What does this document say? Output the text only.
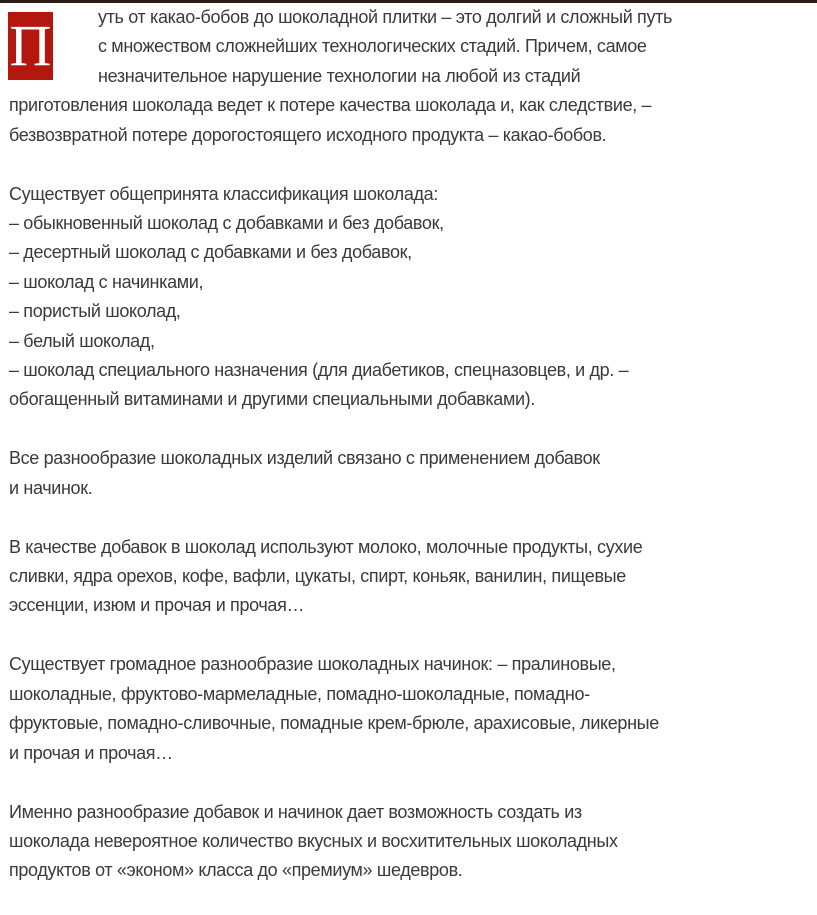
П	уть от какао-бобов до шоколадной плитки – это долгий и сложный путь
с множеством сложнейших технологических стадий. Причем, самое
незначительное нарушение технологии на любой из стадий
приготовления шоколада ведет к потере качества шоколада и, как следствие, –
безвозвратной потере дорогостоящего исходного продукта – какао-бобов.
Существует общепринята классификация шоколада:
– обыкновенный шоколад с добавками и без добавок,
– десертный шоколад с добавками и без добавок,
– шоколад с начинками,
– пористый шоколад,
– белый шоколад,
– шоколад специального назначения (для диабетиков, спецназовцев, и др. –
обогащенный витаминами и другими специальными добавками).
Все разнообразие шоколадных изделий связано с применением добавок
и начинок.
В качестве добавок в шоколад используют молоко, молочные продукты, сухие
сливки, ядра орехов, кофе, вафли, цукаты, спирт, коньяк, ванилин, пищевые
эссенции, изюм и прочая и прочая…
Существует громадное разнообразие шоколадных начинок: – пралиновые,
шоколадные, фруктово-мармеладные, помадно-шоколадные, помадно-
фруктовые, помадно-сливочные, помадные крем-брюле, арахисовые, ликерные
и прочая и прочая…
Именно разнообразие добавок и начинок дает возможность создать из
шоколада невероятное количество вкусных и восхитительных шоколадных
продуктов от «эконом» класса до «премиум» шедевров.
